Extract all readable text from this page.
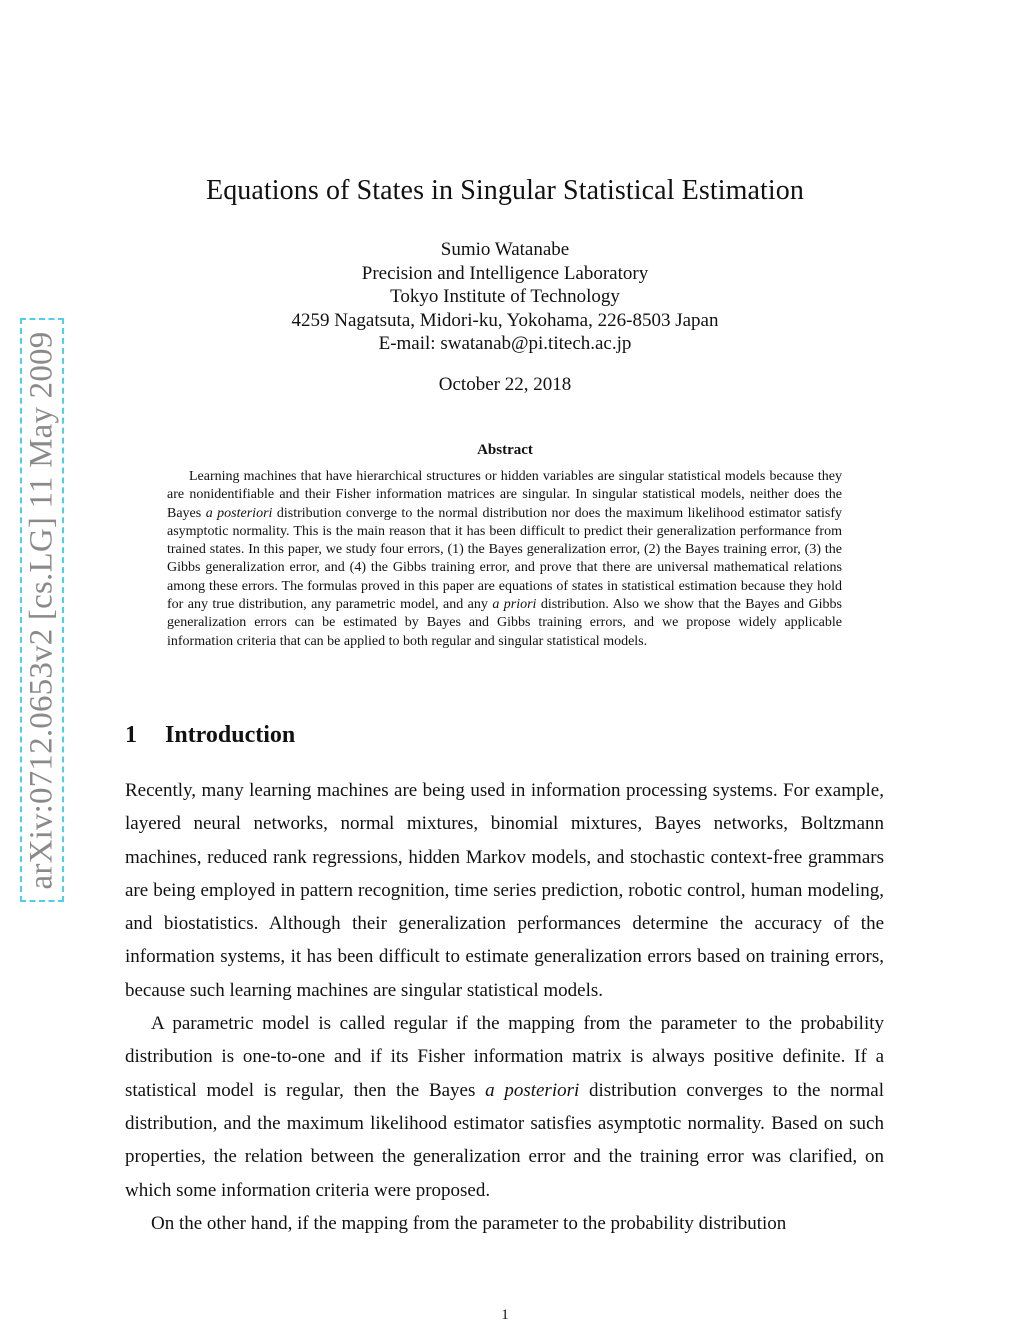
arXiv:0712.0653v2 [cs.LG] 11 May 2009
Equations of States in Singular Statistical Estimation
Sumio Watanabe
Precision and Intelligence Laboratory
Tokyo Institute of Technology
4259 Nagatsuta, Midori-ku, Yokohama, 226-8503 Japan
E-mail: swatanab@pi.titech.ac.jp
October 22, 2018
Abstract

Learning machines that have hierarchical structures or hidden variables are singular statistical models because they are nonidentifiable and their Fisher information matrices are singular. In singular statistical models, neither does the Bayes a posteriori distribution converge to the normal distribution nor does the maximum likelihood estimator satisfy asymptotic normality. This is the main reason that it has been difficult to predict their generalization performance from trained states. In this paper, we study four errors, (1) the Bayes generalization error, (2) the Bayes training error, (3) the Gibbs generalization error, and (4) the Gibbs training error, and prove that there are universal mathematical relations among these errors. The formulas proved in this paper are equations of states in statistical estimation because they hold for any true distribution, any parametric model, and any a priori distribution. Also we show that the Bayes and Gibbs generalization errors can be estimated by Bayes and Gibbs training errors, and we propose widely applicable information criteria that can be applied to both regular and singular statistical models.

1 Introduction

Recently, many learning machines are being used in information processing systems. For example, layered neural networks, normal mixtures, binomial mixtures, Bayes networks, Boltzmann machines, reduced rank regressions, hidden Markov models, and stochastic context-free grammars are being employed in pattern recognition, time series prediction, robotic control, human modeling, and biostatistics. Although their generalization performances determine the accuracy of the information systems, it has been difficult to estimate generalization errors based on training errors, because such learning machines are singular statistical models.

A parametric model is called regular if the mapping from the parameter to the probability distribution is one-to-one and if its Fisher information matrix is always positive definite. If a statistical model is regular, then the Bayes a posteriori distribution converges to the normal distribution, and the maximum likelihood estimator satisfies asymptotic normality. Based on such properties, the relation between the generalization error and the training error was clarified, on which some information criteria were proposed.

On the other hand, if the mapping from the parameter to the probability distribution

1
